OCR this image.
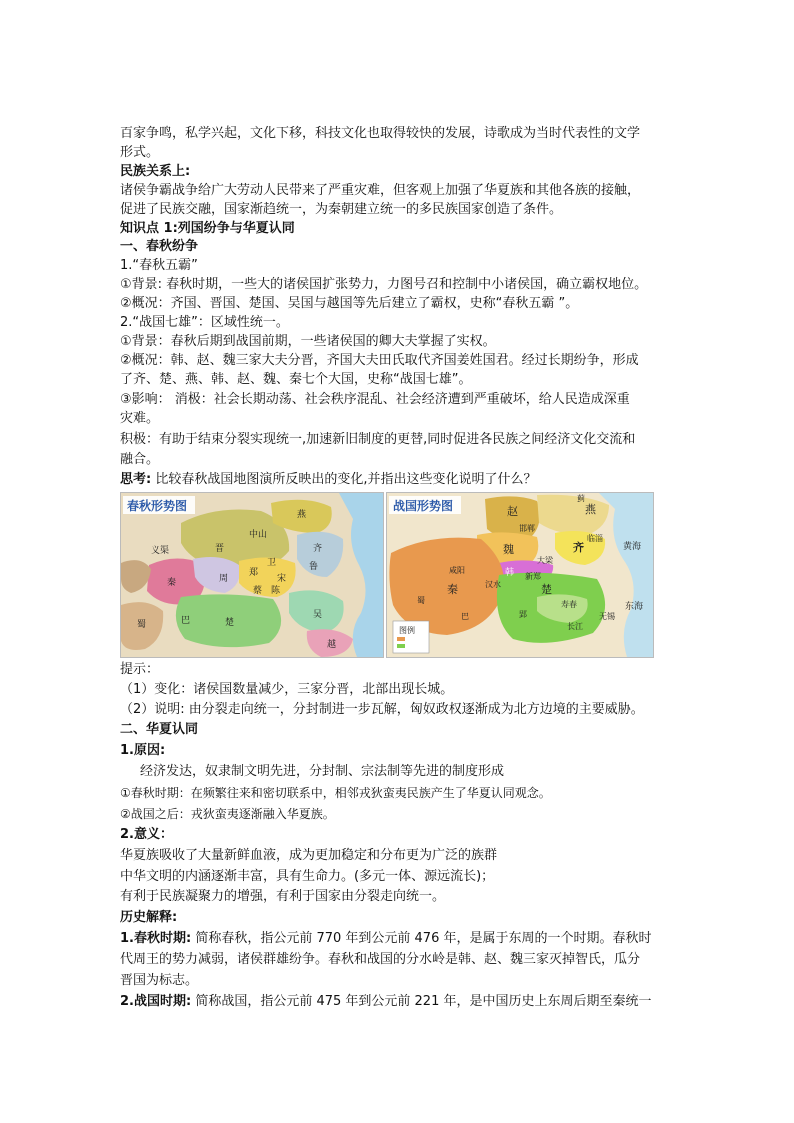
百家争鸣，私学兴起，文化下移，科技文化也取得较快的发展，诗歌成为当时代表性的文学
形式。
民族关系上:
诸侯争霸战争给广大劳动人民带来了严重灾难，但客观上加强了华夏族和其他各族的接触，
促进了民族交融，国家渐趋统一，为秦朝建立统一的多民族国家创造了条件。
知识点 1:列国纷争与华夏认同
一、春秋纷争
1.“春秋五霸”
①背景: 春秋时期，一些大的诸侯国扩张势力，力图号召和控制中小诸侯国，确立霸权地位。
②概况：齐国、晋国、楚国、吴国与越国等先后建立了霸权，史称“春秋五霸 ”。
2.“战国七雄”：区域性统一。
①背景：春秋后期到战国前期，一些诸侯国的卿大夫掌握了实权。
②概况：韩、赵、魏三家大夫分晋，齐国大夫田氏取代齐国姜姓国君。经过长期纷争，形成
了齐、楚、燕、韩、赵、魏、秦七个大国，史称“战国七雄”。
③影响： 消极：社会长期动荡、社会秩序混乱、社会经济遭到严重破坏，给人民造成深重
灾难。
积极：有助于结束分裂实现统一,加速新旧制度的更替,同时促进各民族之间经济文化交流和
融合。
思考: 比较春秋战国地图演所反映出的变化,并指出这些变化说明了什么？
春秋形势图
燕
中山
齐
晋
鲁
宋
秦	周
郑
陈
蔡
楚
吴
越
巴
蜀
义渠
卫
战国形势图
图例
赵	燕
魏	齐
韩
秦	楚
黄海
东海
邯郸
临淄
大梁
咸阳
郢
寿春
汉水
长江
新郑
蓟
巴
蜀
无锡
提示：
（1）变化：诸侯国数量减少，三家分晋，北部出现长城。
（2）说明: 由分裂走向统一，分封制进一步瓦解，匈奴政权逐渐成为北方边境的主要威胁。
二、华夏认同
1.原因:
经济发达，奴隶制文明先进，分封制、宗法制等先进的制度形成
①春秋时期：在频繁往来和密切联系中，相邻戎狄蛮夷民族产生了华夏认同观念。
②战国之后：戎狄蛮夷逐渐融入华夏族。
2.意义：
华夏族吸收了大量新鲜血液，成为更加稳定和分布更为广泛的族群
中华文明的内涵逐渐丰富，具有生命力。(多元一体、源远流长)；
有利于民族凝聚力的增强，有利于国家由分裂走向统一。
历史解释:
1.春秋时期: 简称春秋，指公元前 770 年到公元前 476 年，是属于东周的一个时期。春秋时
代周王的势力减弱，诸侯群雄纷争。春秋和战国的分水岭是韩、赵、魏三家灭掉智氏，瓜分
晋国为标志。
2.战国时期: 简称战国，指公元前 475 年到公元前 221 年，是中国历史上东周后期至秦统一
